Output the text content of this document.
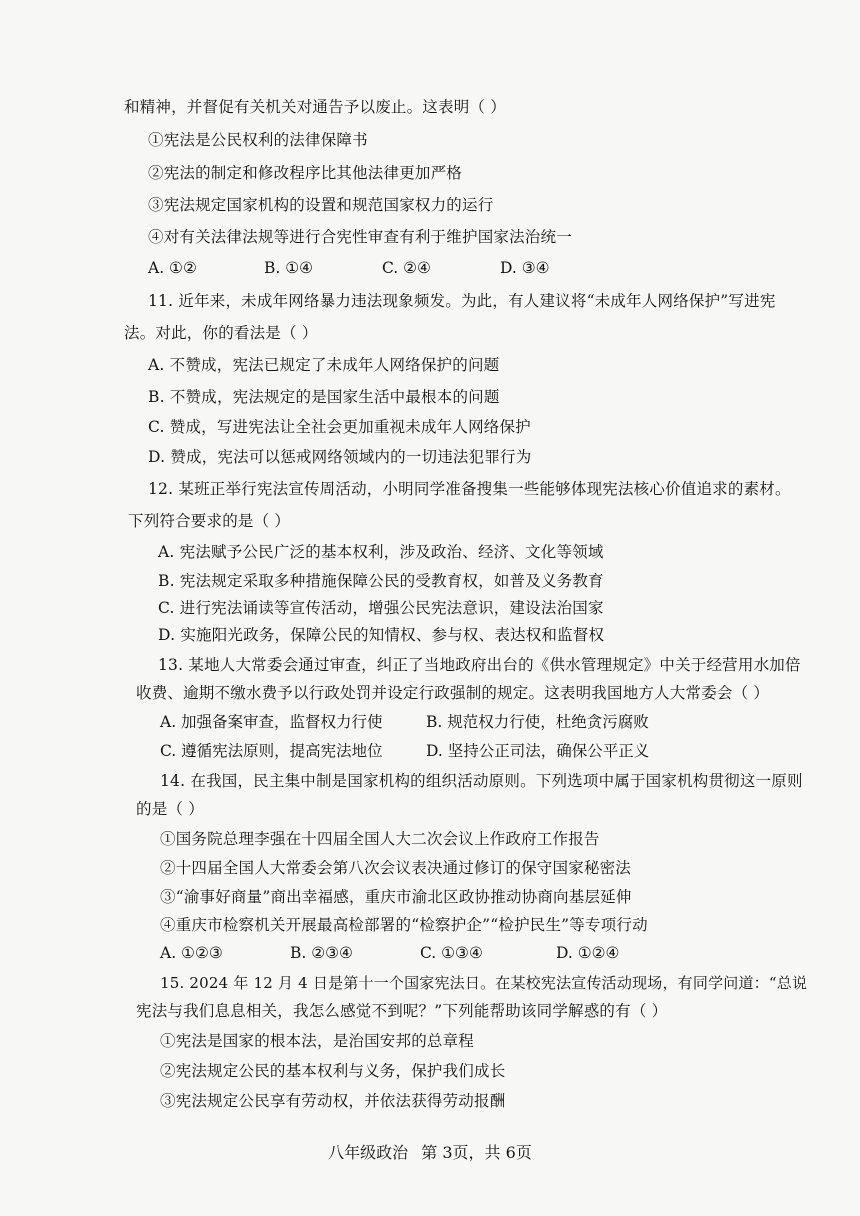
和精神，并督促有关机关对通告予以废止。这表明（ ）
①宪法是公民权利的法律保障书
②宪法的制定和修改程序比其他法律更加严格
③宪法规定国家机构的设置和规范国家权力的运行
④对有关法律法规等进行合宪性审查有利于维护国家法治统一
A. ①②	B. ①④	C. ②④	D. ③④
11. 近年来，未成年网络暴力违法现象频发。为此，有人建议将“未成年人网络保护”写进宪
法。对此，你的看法是（ ）
A. 不赞成，宪法已规定了未成年人网络保护的问题
B. 不赞成，宪法规定的是国家生活中最根本的问题
C. 赞成，写进宪法让全社会更加重视未成年人网络保护
D. 赞成，宪法可以惩戒网络领域内的一切违法犯罪行为
12. 某班正举行宪法宣传周活动，小明同学准备搜集一些能够体现宪法核心价值追求的素材。
下列符合要求的是（ ）
A. 宪法赋予公民广泛的基本权利，涉及政治、经济、文化等领域
B. 宪法规定采取多种措施保障公民的受教育权，如普及义务教育
C. 进行宪法诵读等宣传活动，增强公民宪法意识，建设法治国家
D. 实施阳光政务，保障公民的知情权、参与权、表达权和监督权
13. 某地人大常委会通过审查，纠正了当地政府出台的《供水管理规定》中关于经营用水加倍
收费、逾期不缴水费予以行政处罚并设定行政强制的规定。这表明我国地方人大常委会（ ）
A. 加强备案审查，监督权力行使	B. 规范权力行使，杜绝贪污腐败
C. 遵循宪法原则，提高宪法地位	D. 坚持公正司法，确保公平正义
14. 在我国，民主集中制是国家机构的组织活动原则。下列选项中属于国家机构贯彻这一原则
的是（ ）
①国务院总理李强在十四届全国人大二次会议上作政府工作报告
②十四届全国人大常委会第八次会议表决通过修订的保守国家秘密法
③“渝事好商量”商出幸福感，重庆市渝北区政协推动协商向基层延伸
④重庆市检察机关开展最高检部署的“检察护企”“检护民生”等专项行动
A. ①②③	B. ②③④	C. ①③④	D. ①②④
15. 2024 年 12 月 4 日是第十一个国家宪法日。在某校宪法宣传活动现场，有同学问道：“总说
宪法与我们息息相关，我怎么感觉不到呢？”下列能帮助该同学解惑的有（ ）
①宪法是国家的根本法，是治国安邦的总章程
②宪法规定公民的基本权利与义务，保护我们成长
③宪法规定公民享有劳动权，并依法获得劳动报酬
八年级政治 第 3页，共 6页
